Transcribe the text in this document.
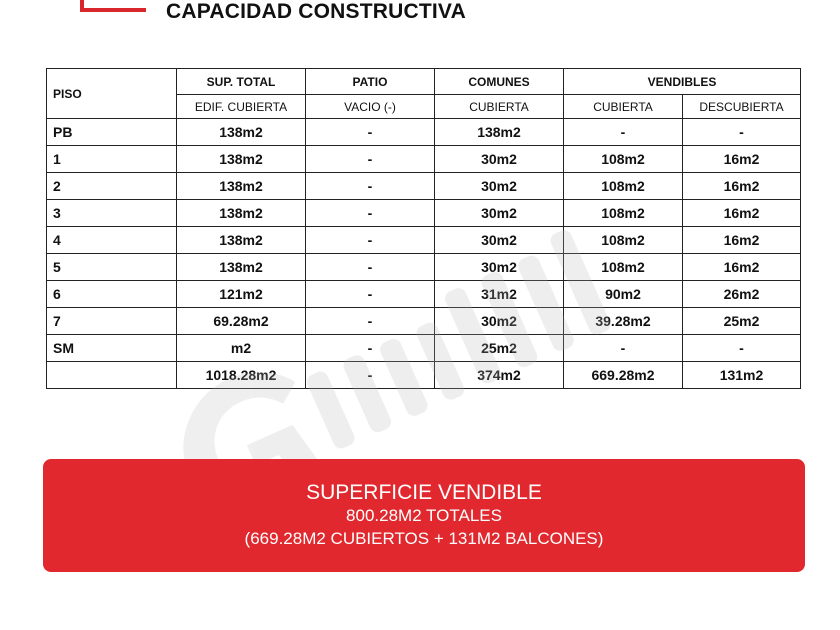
CAPACIDAD CONSTRUCTIVA
PISO	SUP. TOTAL	PATIO	COMUNES	VENDIBLES	
	EDIF. CUBIERTA	VACIO (-)	CUBIERTA	CUBIERTA	DESCUBIERTA
PB	138m2	-	138m2	-	-
1	138m2	-	30m2	108m2	16m2
2	138m2	-	30m2	108m2	16m2
3	138m2	-	30m2	108m2	16m2
4	138m2	-	30m2	108m2	16m2
5	138m2	-	30m2	108m2	16m2
6	121m2	-	31m2	90m2	26m2
7	69.28m2	-	30m2	39.28m2	25m2
SM	m2	-	25m2	-	-
	1018.28m2	-	374m2	669.28m2	131m2
SUPERFICIE VENDIBLE
800.28M2 TOTALES
(669.28M2 CUBIERTOS + 131M2 BALCONES)
